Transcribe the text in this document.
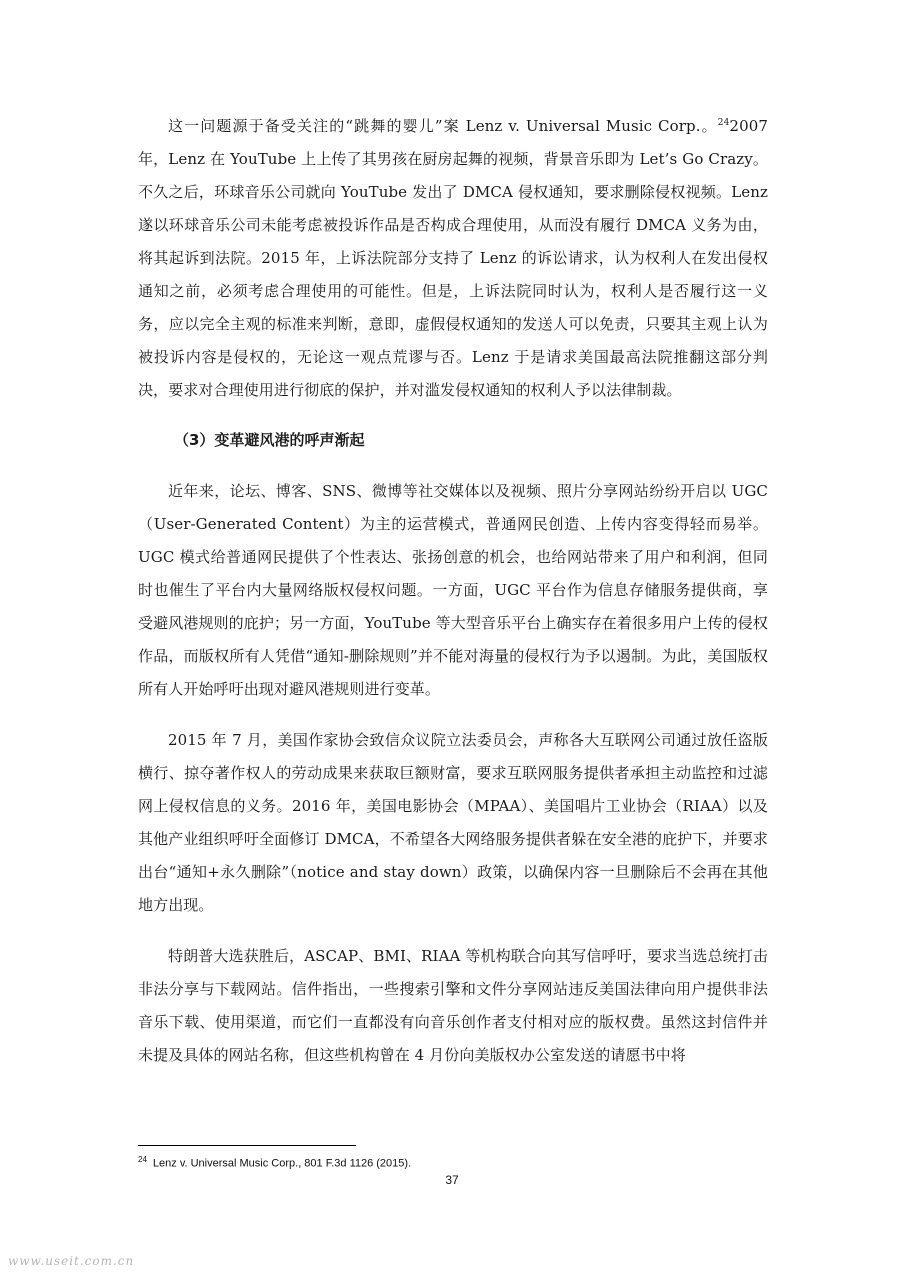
这一问题源于备受关注的“跳舞的婴儿”案 Lenz v. Universal Music Corp.。$^{24}$2007 年，Lenz 在 YouTube 上上传了其男孩在厨房起舞的视频，背景音乐即为 Let’s Go Crazy。不久之后，环球音乐公司就向 YouTube 发出了 DMCA 侵权通知，要求删除侵权视频。Lenz 遂以环球音乐公司未能考虑被投诉作品是否构成合理使用，从而没有履行 DMCA 义务为由，将其起诉到法院。2015 年，上诉法院部分支持了 Lenz 的诉讼请求，认为权利人在发出侵权通知之前，必须考虑合理使用的可能性。但是，上诉法院同时认为，权利人是否履行这一义务，应以完全主观的标准来判断，意即，虚假侵权通知的发送人可以免责，只要其主观上认为被投诉内容是侵权的，无论这一观点荒谬与否。Lenz 于是请求美国最高法院推翻这部分判决，要求对合理使用进行彻底的保护，并对滥发侵权通知的权利人予以法律制裁。

（3）变革避风港的呼声渐起

近年来，论坛、博客、SNS、微博等社交媒体以及视频、照片分享网站纷纷开启以 UGC（User-Generated Content）为主的运营模式，普通网民创造、上传内容变得轻而易举。UGC 模式给普通网民提供了个性表达、张扬创意的机会，也给网站带来了用户和利润，但同时也催生了平台内大量网络版权侵权问题。一方面，UGC 平台作为信息存储服务提供商，享受避风港规则的庇护；另一方面，YouTube 等大型音乐平台上确实存在着很多用户上传的侵权作品，而版权所有人凭借“通知-删除规则”并不能对海量的侵权行为予以遏制。为此，美国版权所有人开始呼吁出现对避风港规则进行变革。

2015 年 7 月，美国作家协会致信众议院立法委员会，声称各大互联网公司通过放任盗版横行、掠夺著作权人的劳动成果来获取巨额财富，要求互联网服务提供者承担主动监控和过滤网上侵权信息的义务。2016 年，美国电影协会（MPAA）、美国唱片工业协会（RIAA）以及其他产业组织呼吁全面修订 DMCA，不希望各大网络服务提供者躲在安全港的庇护下，并要求出台“通知+永久删除”（notice and stay down）政策，以确保内容一旦删除后不会再在其他地方出现。

特朗普大选获胜后，ASCAP、BMI、RIAA 等机构联合向其写信呼吁，要求当选总统打击非法分享与下载网站。信件指出，一些搜索引擎和文件分享网站违反美国法律向用户提供非法音乐下载、使用渠道，而它们一直都没有向音乐创作者支付相对应的版权费。虽然这封信件并未提及具体的网站名称，但这些机构曾在 4 月份向美版权办公室发送的请愿书中将

$^{24}$ Lenz v. Universal Music Corp., 801 F.3d 1126 (2015).
37
www.useit.com.cn
